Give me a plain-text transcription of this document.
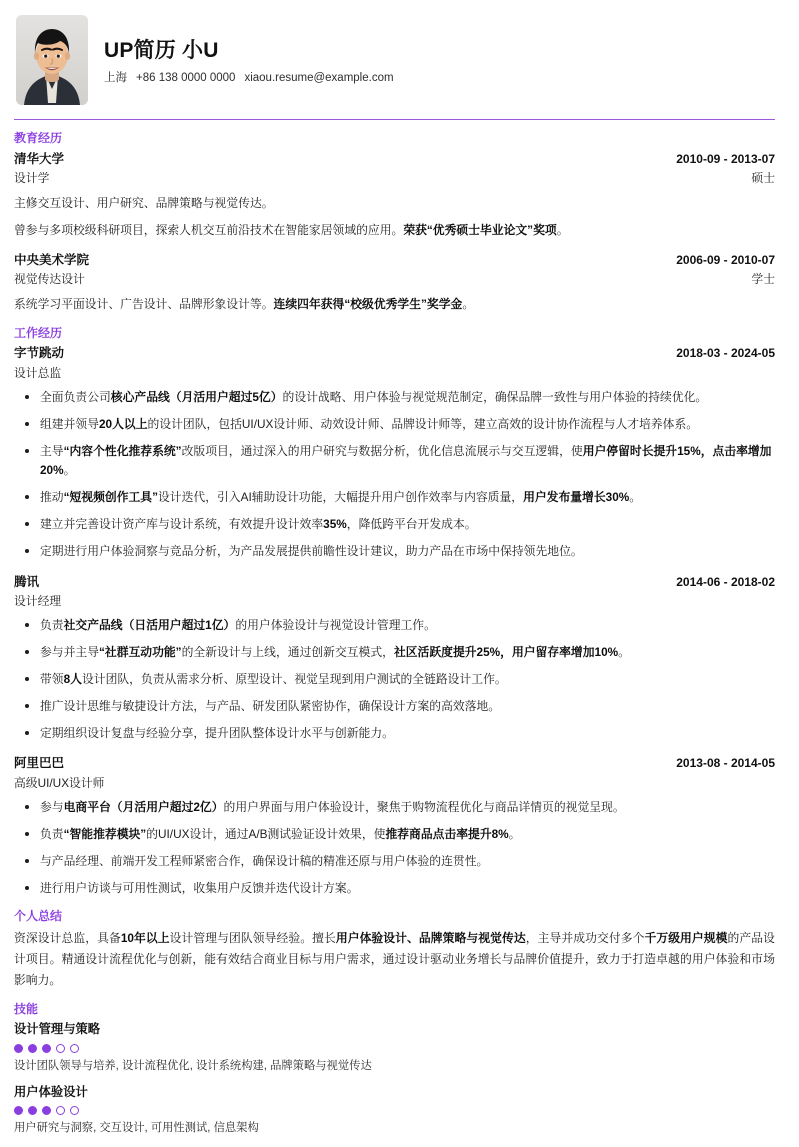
UP简历 小U
上海 +86 138 0000 0000 xiaou.resume@example.com
教育经历
清华大学	2010-09 - 2013-07
设计学	硕士
主修交互设计、用户研究、品牌策略与视觉传达。
曾参与多项校级科研项目，探索人机交互前沿技术在智能家居领域的应用。荣获“优秀硕士毕业论文”奖项。
中央美术学院	2006-09 - 2010-07
视觉传达设计	学士
系统学习平面设计、广告设计、品牌形象设计等。连续四年获得“校级优秀学生”奖学金。
工作经历
字节跳动	2018-03 - 2024-05
设计总监
全面负责公司核心产品线（月活用户超过5亿）的设计战略、用户体验与视觉规范制定，确保品牌一致性与用户体验的持续优化。
组建并领导20人以上的设计团队，包括UI/UX设计师、动效设计师、品牌设计师等，建立高效的设计协作流程与人才培养体系。
主导“内容个性化推荐系统”改版项目，通过深入的用户研究与数据分析，优化信息流展示与交互逻辑，使用户停留时长提升15%，点击率增加20%。
推动“短视频创作工具”设计迭代，引入AI辅助设计功能，大幅提升用户创作效率与内容质量，用户发布量增长30%。
建立并完善设计资产库与设计系统，有效提升设计效率35%，降低跨平台开发成本。
定期进行用户体验洞察与竞品分析，为产品发展提供前瞻性设计建议，助力产品在市场中保持领先地位。
腾讯	2014-06 - 2018-02
设计经理
负责社交产品线（日活用户超过1亿）的用户体验设计与视觉设计管理工作。
参与并主导“社群互动功能”的全新设计与上线，通过创新交互模式，社区活跃度提升25%，用户留存率增加10%。
带领8人设计团队，负责从需求分析、原型设计、视觉呈现到用户测试的全链路设计工作。
推广设计思维与敏捷设计方法，与产品、研发团队紧密协作，确保设计方案的高效落地。
定期组织设计复盘与经验分享，提升团队整体设计水平与创新能力。
阿里巴巴	2013-08 - 2014-05
高级UI/UX设计师
参与电商平台（月活用户超过2亿）的用户界面与用户体验设计，聚焦于购物流程优化与商品详情页的视觉呈现。
负责“智能推荐模块”的UI/UX设计，通过A/B测试验证设计效果，使推荐商品点击率提升8%。
与产品经理、前端开发工程师紧密合作，确保设计稿的精准还原与用户体验的连贯性。
进行用户访谈与可用性测试，收集用户反馈并迭代设计方案。
个人总结
资深设计总监，具备10年以上设计管理与团队领导经验。擅长用户体验设计、品牌策略与视觉传达，主导并成功交付多个千万级用户规模的产品设计项目。精通设计流程优化与创新，能有效结合商业目标与用户需求，通过设计驱动业务增长与品牌价值提升，致力于打造卓越的用户体验和市场影响力。
技能
设计管理与策略
设计团队领导与培养, 设计流程优化, 设计系统构建, 品牌策略与视觉传达
用户体验设计
用户研究与洞察, 交互设计, 可用性测试, 信息架构
